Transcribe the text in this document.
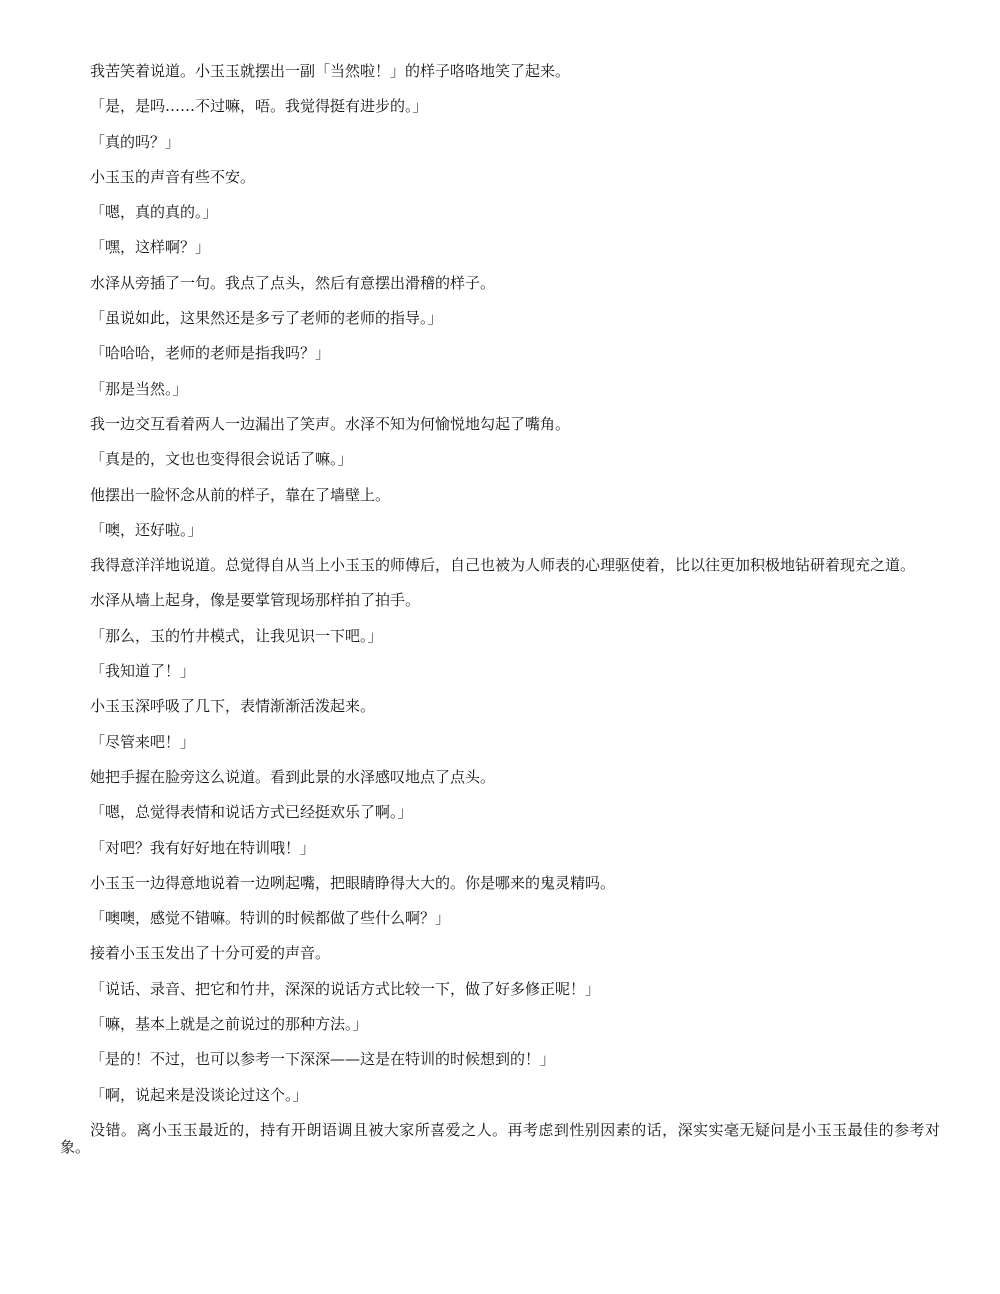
我苦笑着说道。小玉玉就摆出一副「当然啦！」的样子咯咯地笑了起来。

「是，是吗……不过嘛，唔。我觉得挺有进步的。」

「真的吗？」

小玉玉的声音有些不安。

「嗯，真的真的。」

「嘿，这样啊？」

水泽从旁插了一句。我点了点头，然后有意摆出滑稽的样子。

「虽说如此，这果然还是多亏了老师的老师的指导。」

「哈哈哈，老师的老师是指我吗？」

「那是当然。」

我一边交互看着两人一边漏出了笑声。水泽不知为何愉悦地勾起了嘴角。

「真是的，文也也变得很会说话了嘛。」

他摆出一脸怀念从前的样子，靠在了墙壁上。

「噢，还好啦。」

我得意洋洋地说道。总觉得自从当上小玉玉的师傅后，自己也被为人师表的心理驱使着，比以往更加积极地钻研着现充之道。

水泽从墙上起身，像是要掌管现场那样拍了拍手。

「那么，玉的竹井模式，让我见识一下吧。」

「我知道了！」

小玉玉深呼吸了几下，表情渐渐活泼起来。

「尽管来吧！」

她把手握在脸旁这么说道。看到此景的水泽感叹地点了点头。

「嗯，总觉得表情和说话方式已经挺欢乐了啊。」

「对吧？我有好好地在特训哦！」

小玉玉一边得意地说着一边咧起嘴，把眼睛睁得大大的。你是哪来的鬼灵精吗。

「噢噢，感觉不错嘛。特训的时候都做了些什么啊？」

接着小玉玉发出了十分可爱的声音。

「说话、录音、把它和竹井，深深的说话方式比较一下，做了好多修正呢！」

「嘛，基本上就是之前说过的那种方法。」

「是的！不过，也可以参考一下深深——这是在特训的时候想到的！」

「啊，说起来是没谈论过这个。」

没错。离小玉玉最近的，持有开朗语调且被大家所喜爱之人。再考虑到性别因素的话，深实实毫无疑问是小玉玉最佳的参考对象。
